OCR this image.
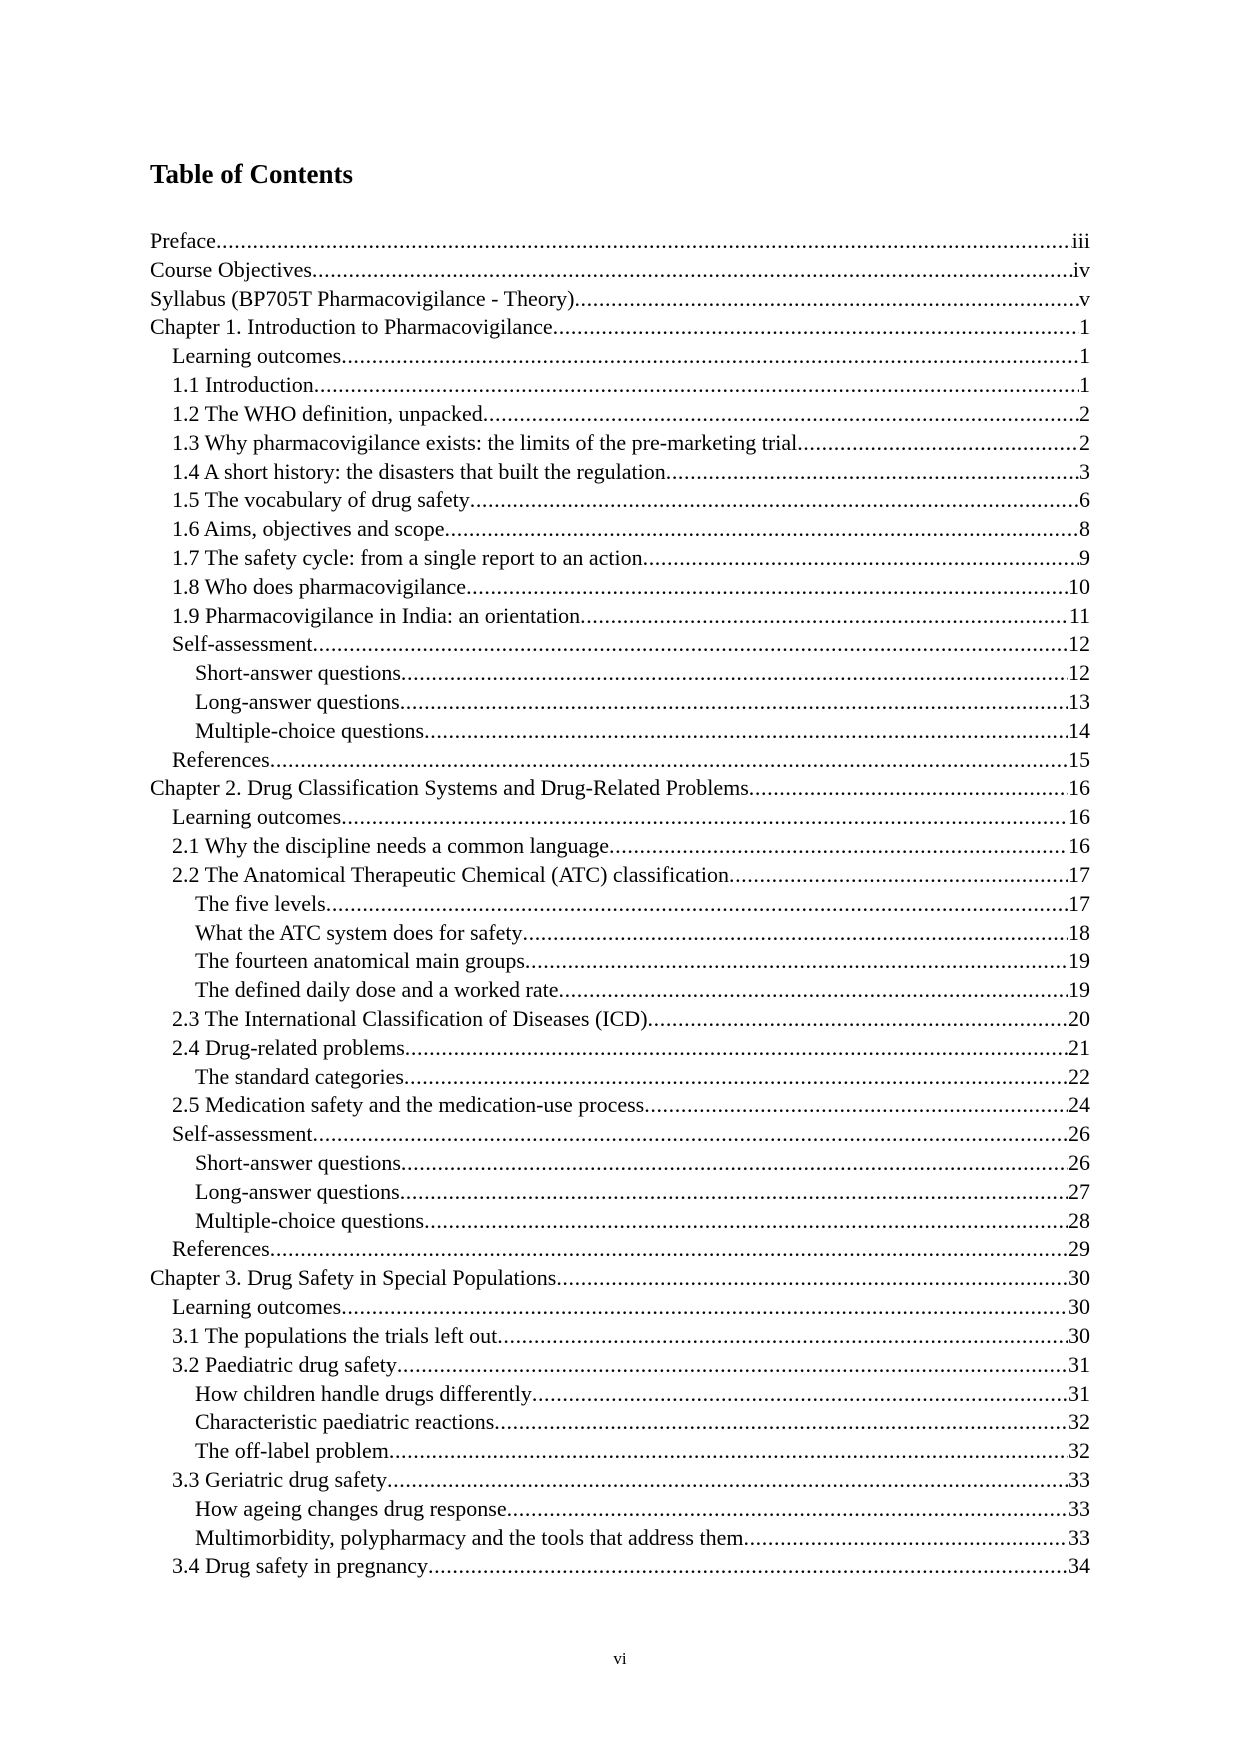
Table of Contents
Preface .....	iii
Course Objectives .....	iv
Syllabus (BP705T Pharmacovigilance - Theory) .....	v
Chapter 1. Introduction to Pharmacovigilance .....	1
Learning outcomes .....	1
1.1 Introduction .....	1
1.2 The WHO definition, unpacked .....	2
1.3 Why pharmacovigilance exists: the limits of the pre-marketing trial .....	2
1.4 A short history: the disasters that built the regulation .....	3
1.5 The vocabulary of drug safety .....	6
1.6 Aims, objectives and scope .....	8
1.7 The safety cycle: from a single report to an action .....	9
1.8 Who does pharmacovigilance .....	10
1.9 Pharmacovigilance in India: an orientation .....	11
Self-assessment .....	12
Short-answer questions .....	12
Long-answer questions .....	13
Multiple-choice questions .....	14
References .....	15
Chapter 2. Drug Classification Systems and Drug-Related Problems .....	16
Learning outcomes .....	16
2.1 Why the discipline needs a common language .....	16
2.2 The Anatomical Therapeutic Chemical (ATC) classification .....	17
The five levels .....	17
What the ATC system does for safety .....	18
The fourteen anatomical main groups .....	19
The defined daily dose and a worked rate .....	19
2.3 The International Classification of Diseases (ICD) .....	20
2.4 Drug-related problems .....	21
The standard categories .....	22
2.5 Medication safety and the medication-use process .....	24
Self-assessment .....	26
Short-answer questions .....	26
Long-answer questions .....	27
Multiple-choice questions .....	28
References .....	29
Chapter 3. Drug Safety in Special Populations .....	30
Learning outcomes .....	30
3.1 The populations the trials left out .....	30
3.2 Paediatric drug safety .....	31
How children handle drugs differently .....	31
Characteristic paediatric reactions .....	32
The off-label problem .....	32
3.3 Geriatric drug safety .....	33
How ageing changes drug response .....	33
Multimorbidity, polypharmacy and the tools that address them .....	33
3.4 Drug safety in pregnancy .....	34
vi
